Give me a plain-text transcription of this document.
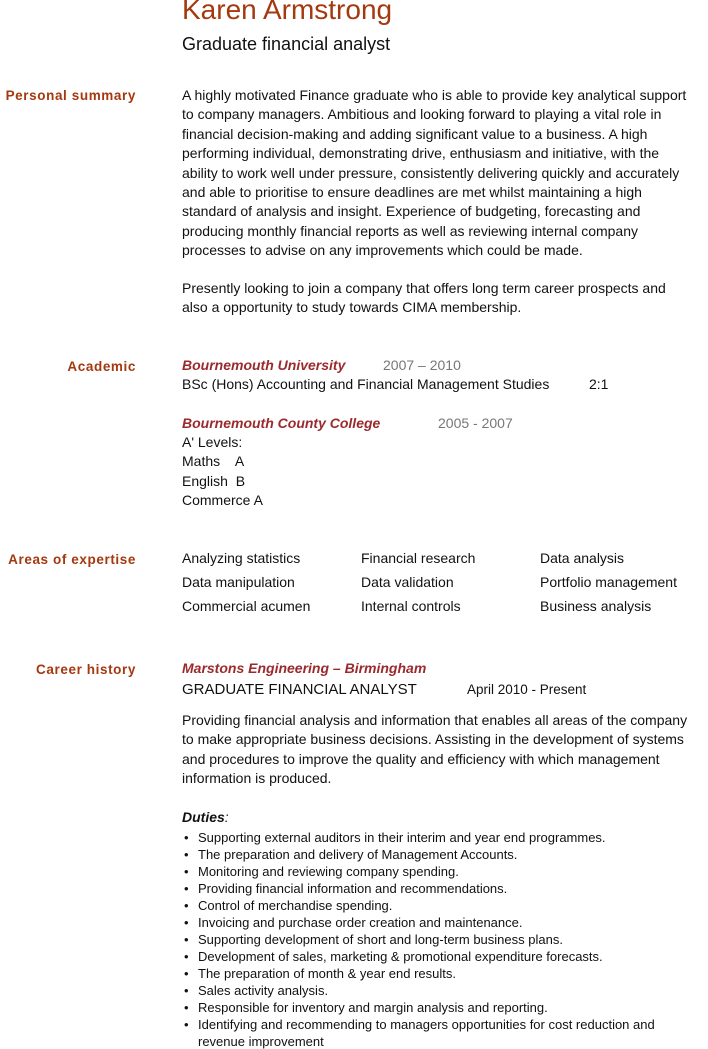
Karen Armstrong
Graduate financial analyst
Personal summary	A highly motivated Finance graduate who is able to provide key analytical support
to company managers. Ambitious and looking forward to playing a vital role in
financial decision-making and adding significant value to a business. A high
performing individual, demonstrating drive, enthusiasm and initiative, with the
ability to work well under pressure, consistently delivering quickly and accurately
and able to prioritise to ensure deadlines are met whilst maintaining a high
standard of analysis and insight. Experience of budgeting, forecasting and
producing monthly financial reports as well as reviewing internal company
processes to advise on any improvements which could be made.
Presently looking to join a company that offers long term career prospects and
also a opportunity to study towards CIMA membership.
Academic	Bournemouth University	2007 – 2010
BSc (Hons) Accounting and Financial Management Studies	2:1
Bournemouth County College	2005 - 2007
A' Levels:
Maths    A
English  B
Commerce A
Areas of expertise	Analyzing statistics	Financial research	Data analysis
Data manipulation	Data validation	Portfolio management
Commercial acumen	Internal controls	Business analysis
Career history	Marstons Engineering – Birmingham
GRADUATE FINANCIAL ANALYST	April 2010 - Present
Providing financial analysis and information that enables all areas of the company
to make appropriate business decisions. Assisting in the development of systems
and procedures to improve the quality and efficiency with which management
information is produced.
Duties:
• Supporting external auditors in their interim and year end programmes.
• The preparation and delivery of Management Accounts.
• Monitoring and reviewing company spending.
• Providing financial information and recommendations.
• Control of merchandise spending.
• Invoicing and purchase order creation and maintenance.
• Supporting development of short and long-term business plans.
• Development of sales, marketing & promotional expenditure forecasts.
• The preparation of month & year end results.
• Sales activity analysis.
• Responsible for inventory and margin analysis and reporting.
• Identifying and recommending to managers opportunities for cost reduction and revenue improvement
